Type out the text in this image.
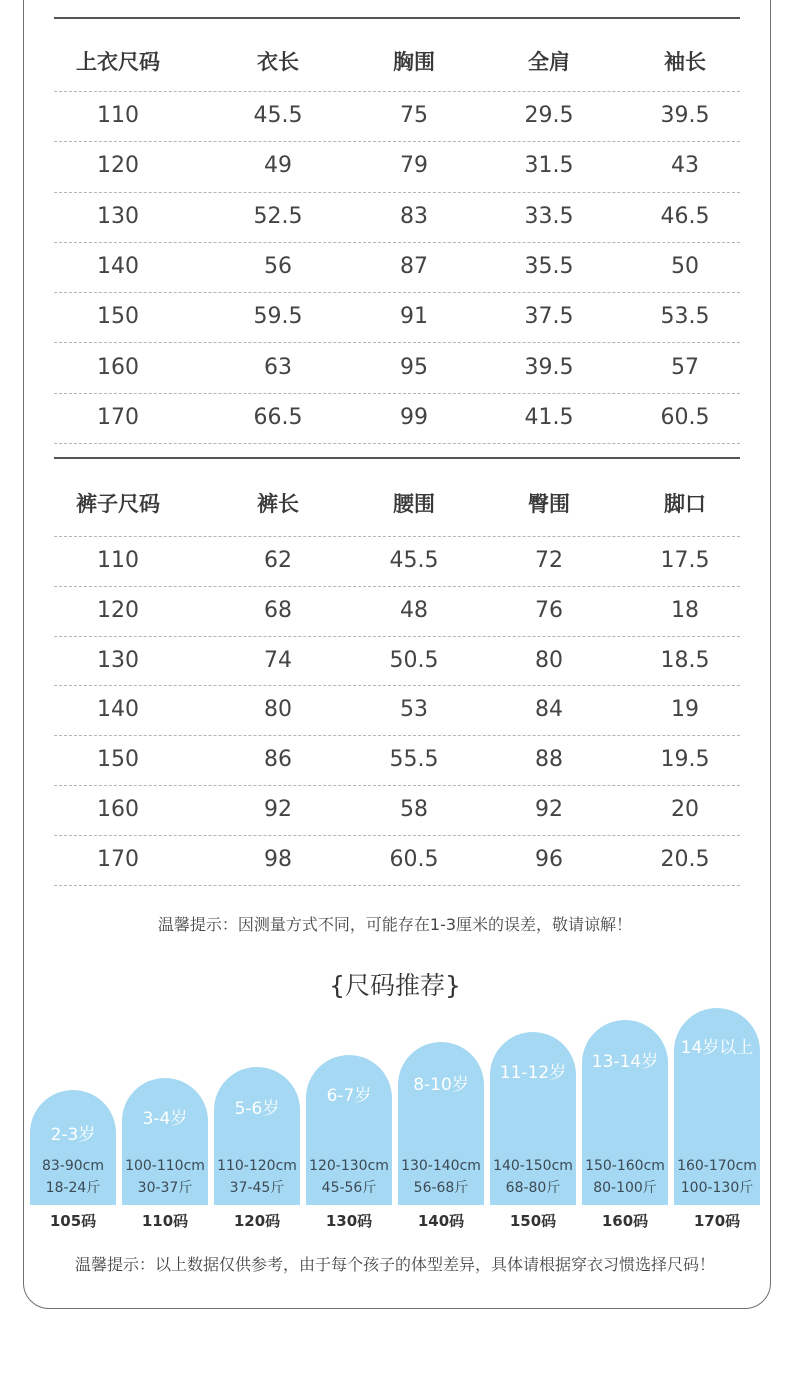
上衣尺码	衣长	胸围	全肩	袖长
110	45.5	75	29.5	39.5
120	49	79	31.5	43
130	52.5	83	33.5	46.5
140	56	87	35.5	50
150	59.5	91	37.5	53.5
160	63	95	39.5	57
170	66.5	99	41.5	60.5
裤子尺码	裤长	腰围	臀围	脚口
110	62	45.5	72	17.5
120	68	48	76	18
130	74	50.5	80	18.5
140	80	53	84	19
150	86	55.5	88	19.5
160	92	58	92	20
170	98	60.5	96	20.5
温馨提示：因测量方式不同，可能存在1-3厘米的误差，敬请谅解！
{尺码推荐}
2-3岁
83-90cm
18-24斤
105码
3-4岁
100-110cm
30-37斤
110码
5-6岁
110-120cm
37-45斤
120码
6-7岁
120-130cm
45-56斤
130码
8-10岁
130-140cm
56-68斤
140码
11-12岁
140-150cm
68-80斤
150码
13-14岁
150-160cm
80-100斤
160码
14岁以上
160-170cm
100-130斤
170码
温馨提示：以上数据仅供参考，由于每个孩子的体型差异，具体请根据穿衣习惯选择尺码！
